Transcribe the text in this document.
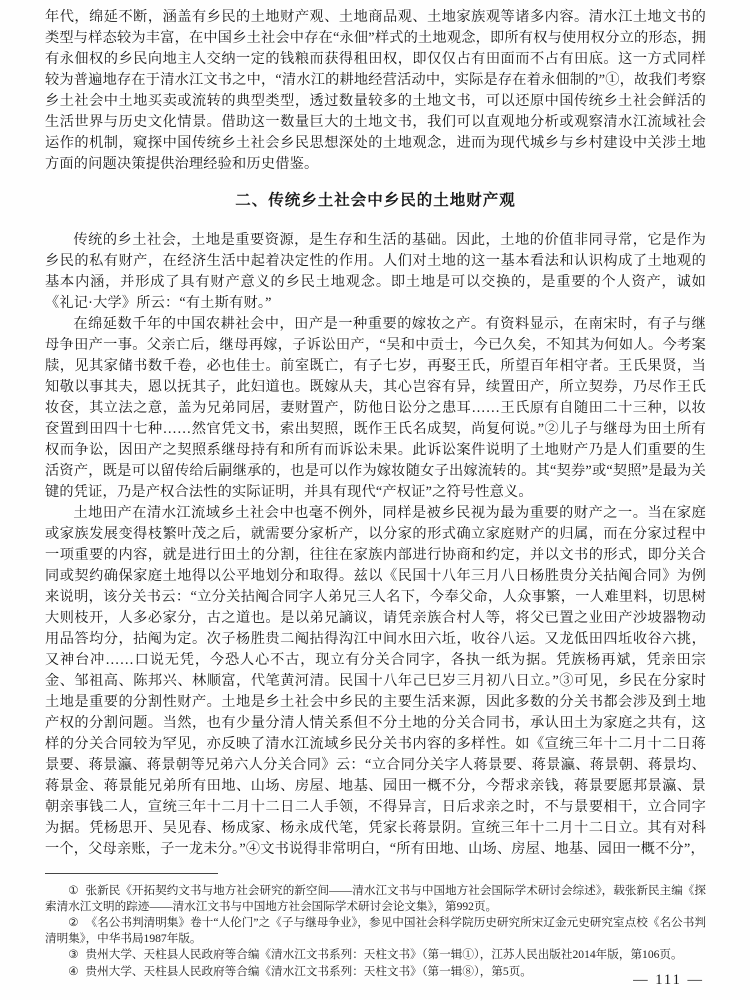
年代，绵延不断，涵盖有乡民的土地财产观、土地商品观、土地家族观等诸多内容。清水江土地文书的类型与样态较为丰富，在中国乡土社会中存在“永佃”样式的土地观念，即所有权与使用权分立的形态，拥有永佃权的乡民向地主人交纳一定的钱粮而获得租田权，即仅仅占有田面而不占有田底。这一方式同样较为普遍地存在于清水江文书之中，“清水江的耕地经营活动中，实际是存在着永佃制的”①，故我们考察乡土社会中土地买卖或流转的典型类型，透过数量较多的土地文书，可以还原中国传统乡土社会鲜活的生活世界与历史文化情景。借助这一数量巨大的土地文书，我们可以直观地分析或观察清水江流域社会运作的机制，窥探中国传统乡土社会乡民思想深处的土地观念，进而为现代城乡与乡村建设中关涉土地方面的问题决策提供治理经验和历史借鉴。

二、传统乡土社会中乡民的土地财产观

传统的乡土社会，土地是重要资源，是生存和生活的基础。因此，土地的价值非同寻常，它是作为乡民的私有财产，在经济生活中起着决定性的作用。人们对土地的这一基本看法和认识构成了土地观的基本内涵，并形成了具有财产意义的乡民土地观念。即土地是可以交换的，是重要的个人资产，诚如《礼记·大学》所云：“有土斯有财。”

在绵延数千年的中国农耕社会中，田产是一种重要的嫁妆之产。有资料显示，在南宋时，有子与继母争田产一事。父亲亡后，继母再嫁，子诉讼田产，“吴和中贡士，今已久矣，不知其为何如人。今考案牍，见其家储书数千卷，必也佳士。前室既亡，有子七岁，再娶王氏，所望百年相守者。王氏果贤，当知敬以事其夫，恩以抚其子，此妇道也。既嫁从夫，其心岂容有异，续置田产，所立契券，乃尽作王氏妆奁，其立法之意，盖为兄弟同居，妻财置产，防他日讼分之患耳……王氏原有自随田二十三种，以妆奁置到田四十七种……然官凭文书，索出契照，既作王氏名成契，尚复何说。”②儿子与继母为田土所有权而争讼，因田产之契照系继母持有和所有而诉讼未果。此诉讼案件说明了土地财产乃是人们重要的生活资产，既是可以留传给后嗣继承的，也是可以作为嫁妆随女子出嫁流转的。其“契券”或“契照”是最为关键的凭证，乃是产权合法性的实际证明，并具有现代“产权证”之符号性意义。

土地田产在清水江流域乡土社会中也毫不例外，同样是被乡民视为最为重要的财产之一。当在家庭或家族发展变得枝繁叶茂之后，就需要分家析产，以分家的形式确立家庭财产的归属，而在分家过程中一项重要的内容，就是进行田土的分割，往往在家族内部进行协商和约定，并以文书的形式，即分关合同或契约确保家庭土地得以公平地划分和取得。兹以《民国十八年三月八日杨胜贵分关拈阄合同》为例来说明，该分关书云：“立分关拈阄合同字人弟兄三人名下，今奉父命，人众事繁，一人难里料，切思树大则枝开，人多必家分，古之道也。是以弟兄謪议，请凭亲族合村人等，将父已置之业田产沙坡器物动用品答均分，拈阄为定。次子杨胜贵二阄拈得沟江中间水田六坵，收谷八运。又龙低田四坵收谷六挑，又神台冲……口说无凭，今恐人心不古，现立有分关合同字，各执一纸为据。凭族杨再斌，凭亲田宗金、邹祖高、陈邦兴、林顺富，代笔黄河清。民国十八年己巳岁三月初八日立。”③可见，乡民在分家时土地是重要的分割性财产。土地是乡土社会中乡民的主要生活来源，因此多数的分关书都会涉及到土地产权的分割问题。当然，也有少量分清人情关系但不分土地的分关合同书，承认田土为家庭之共有，这样的分关合同较为罕见，亦反映了清水江流域乡民分关书内容的多样性。如《宣统三年十二月十二日蒋景要、蒋景瀛、蒋景朝等兄弟六人分关合同》云：“立合同分关字人蒋景要、蒋景瀛、蒋景朝、蒋景均、蒋景金、蒋景能兄弟所有田地、山场、房屋、地基、园田一概不分，今帮求亲钱，蒋景要愿邦景瀛、景朝亲事钱二人，宣统三年十二月十二日二人手领，不得异言，日后求亲之时，不与景要相干，立合同字为据。凭杨思开、吴见春、杨成家、杨永成代笔，凭家长蒋景阴。宣统三年十二月十二日立。其有对科一个，父母亲账，子一龙未分。”④文书说得非常明白，“所有田地、山场、房屋、地基、园田一概不分”，

① 张新民《开拓契约文书与地方社会研究的新空间——清水江文书与中国地方社会国际学术研讨会综述》，载张新民主编《探索清水江文明的踪迹——清水江文书与中国地方社会国际学术研讨会论文集》，第992页。

② 《名公书判清明集》卷十“人伦门”之《子与继母争业》，参见中国社会科学院历史研究所宋辽金元史研究室点校《名公书判清明集》，中华书局1987年版。

③ 贵州大学、天柱县人民政府等合编《清水江文书系列：天柱文书》（第一辑①），江苏人民出版社2014年版，第106页。

④ 贵州大学、天柱县人民政府等合编《清水江文书系列：天柱文书》（第一辑⑧），第5页。

— 111 —
